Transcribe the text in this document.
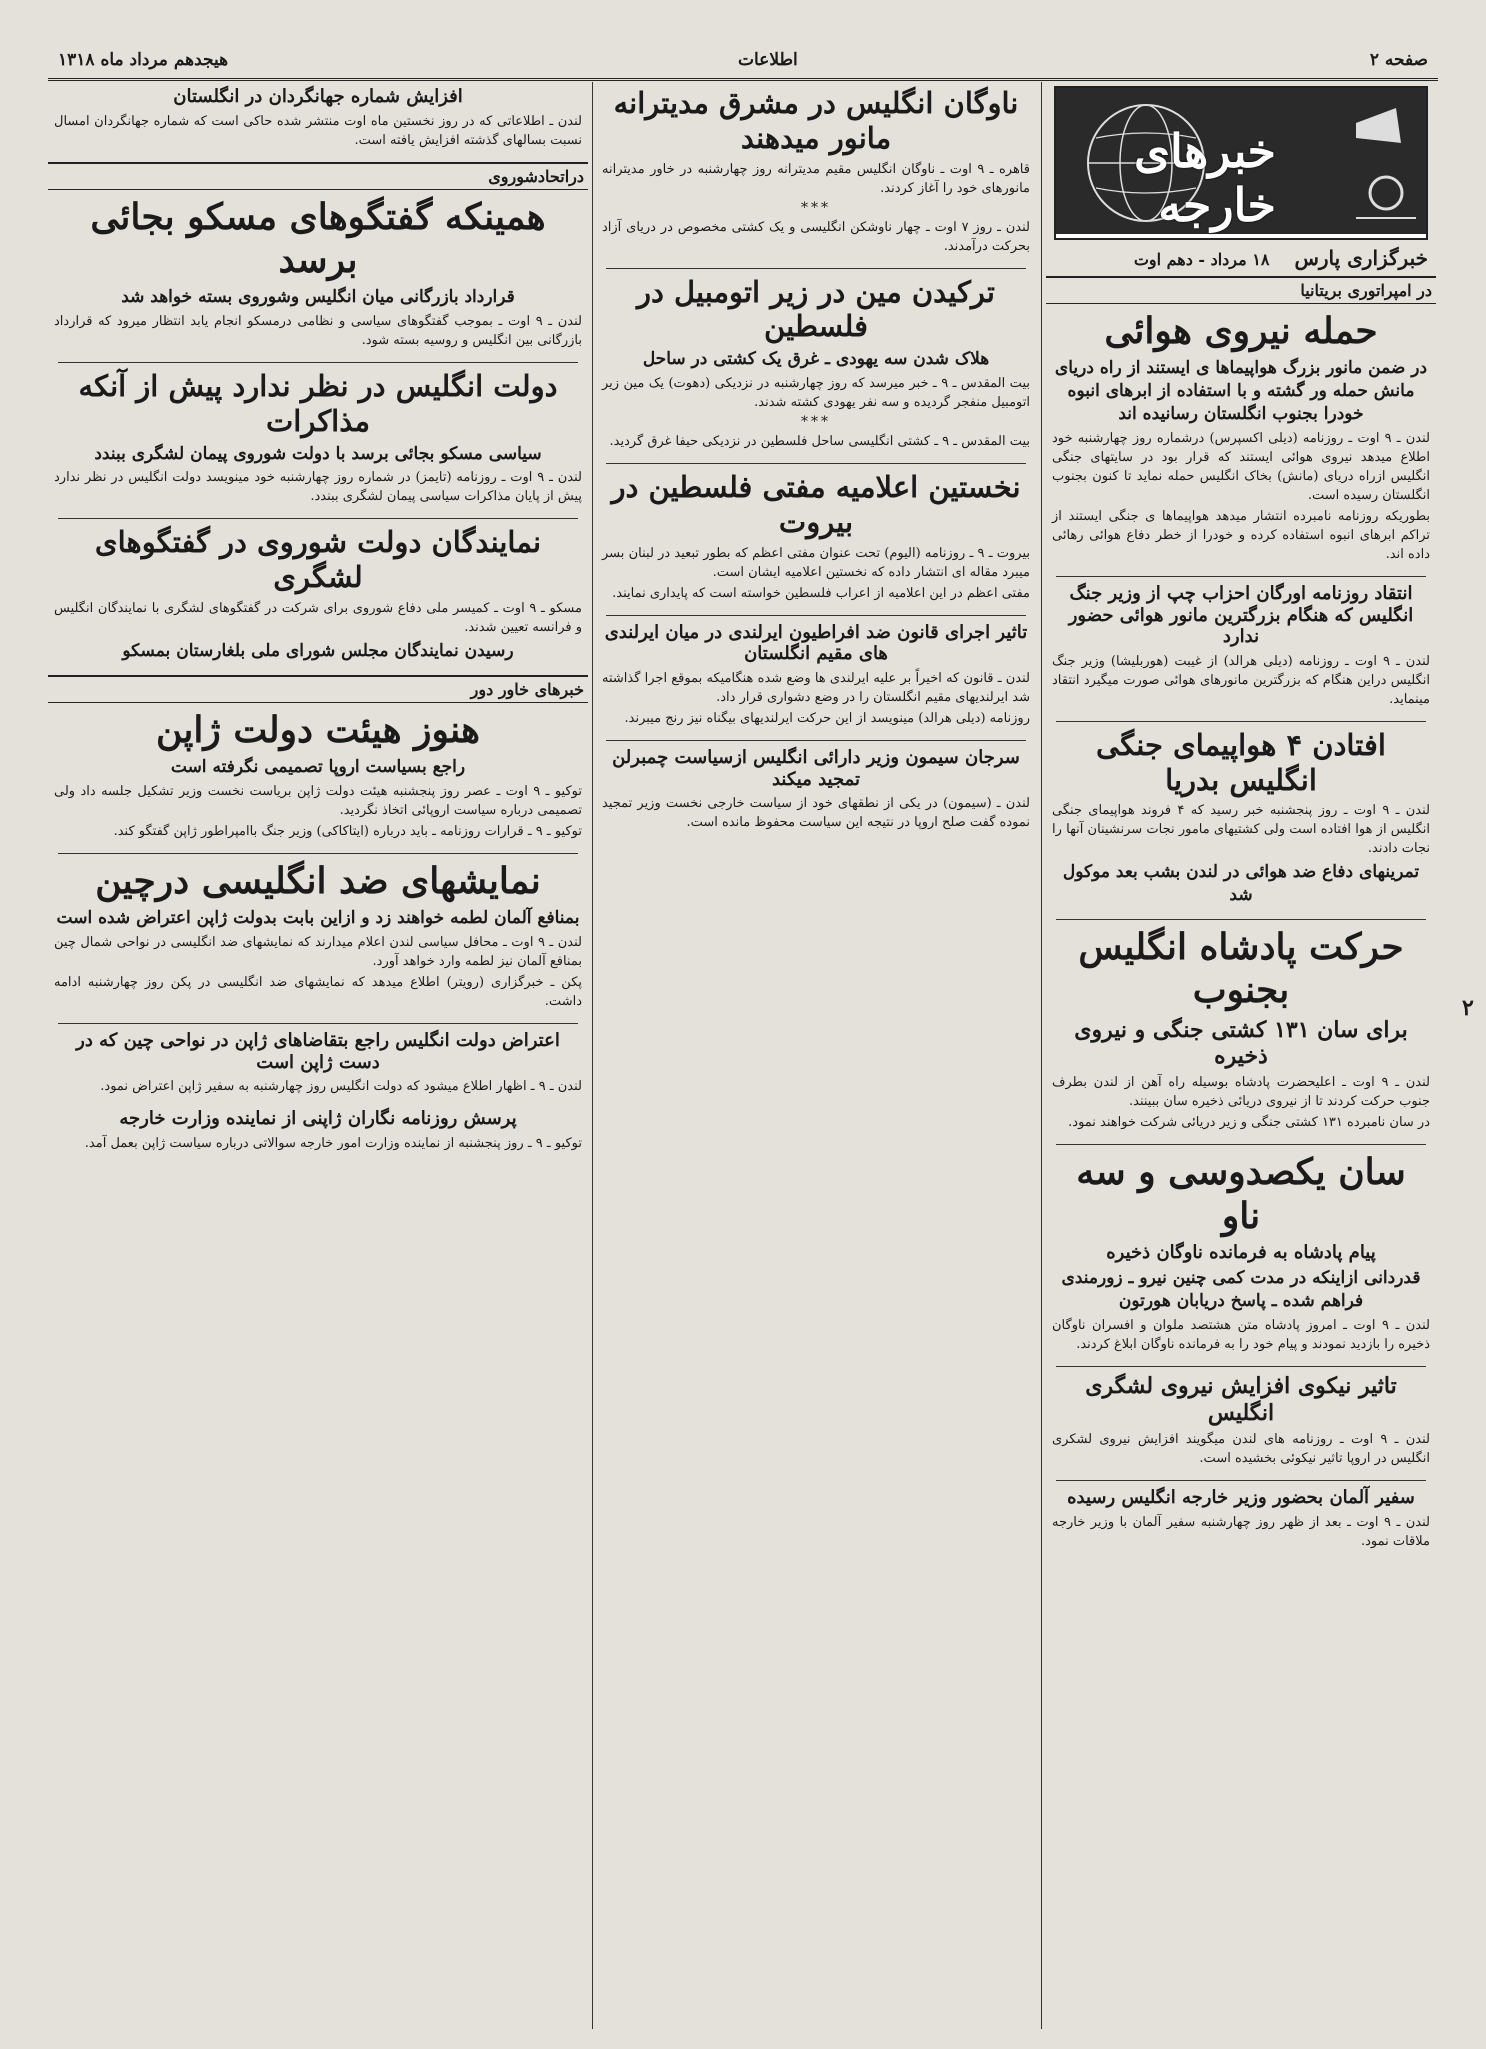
هیجدهم مرداد ماه ۱۳۱۸	اطلاعات	صفحه ۲
خبرهای خارجه
خبرگزاری پارس ۱۸ مرداد - دهم اوت
در امپراتوری بریتانیا
حمله نیروی هوائی
در ضمن مانور بزرگ هواپیماها ی ایستند از راه دریای مانش حمله ور گشته و با استفاده از ابرهای انبوه خودرا بجنوب انگلستان رسانیده اند

لندن ـ ۹ اوت ـ روزنامه (دیلی اکسپرس) درشماره روز چهارشنبه خود اطلاع میدهد نیروی هوائی ایستند که قرار بود در سایتهای جنگی انگلیس ازراه دریای (مانش) بخاک انگلیس حمله نماید تا کنون بجنوب انگلستان رسیده است.

بطوریکه روزنامه نامبرده انتشار میدهد هواپیماها ی جنگی ایستند از تراکم ابرهای انبوه استفاده کرده و خودرا از خطر دفاع هوائی رهائی داده اند.

انتقاد روزنامه اورگان احزاب چپ از وزیر جنگ انگلیس که هنگام بزرگترین مانور هوائی حضور ندارد

لندن ـ ۹ اوت ـ روزنامه (دیلی هرالد) از غیبت (هوربلیشا) وزیر جنگ انگلیس دراین هنگام که بزرگترین مانورهای هوائی صورت میگیرد انتقاد مینماید.

افتادن ۴ هواپیمای جنگی انگلیس بدریا

لندن ـ ۹ اوت ـ روز پنجشنبه خبر رسید که ۴ فروند هواپیمای جنگی انگلیس از هوا افتاده است ولی کشتیهای مامور نجات سرنشینان آنها را نجات دادند.

تمرینهای دفاع ضد هوائی در لندن بشب بعد موکول شد
حرکت پادشاه انگلیس بجنوب
برای سان ۱۳۱ کشتی جنگی و نیروی ذخیره

لندن ـ ۹ اوت ـ اعلیحضرت پادشاه بوسیله راه آهن از لندن بطرف جنوب حرکت کردند تا از نیروی دریائی ذخیره سان ببینند.

در سان نامبرده ۱۳۱ کشتی جنگی و زیر دریائی شرکت خواهند نمود.

سان یکصدوسی و سه ناو
پیام پادشاه به فرمانده ناوگان ذخیره
قدردانی ازاینکه در مدت کمی چنین نیرو ـ زورمندی فراهم شده ـ پاسخ دریابان هورتون

لندن ـ ۹ اوت ـ امروز پادشاه متن هشتصد ملوان و افسران ناوگان ذخیره را بازدید نمودند و پیام خود را به فرمانده ناوگان ابلاغ کردند.

تاثیر نیکوی افزایش نیروی لشگری انگلیس

لندن ـ ۹ اوت ـ روزنامه های لندن میگویند افزایش نیروی لشکری انگلیس در اروپا تاثیر نیکوئی بخشیده است.

سفیر آلمان بحضور وزیر خارجه انگلیس رسیده

لندن ـ ۹ اوت ـ بعد از ظهر روز چهارشنبه سفیر آلمان با وزیر خارجه ملاقات نمود.

ناوگان انگلیس در مشرق مدیترانه مانور میدهند

قاهره ـ ۹ اوت ـ ناوگان انگلیس مقیم مدیترانه روز چهارشنبه در خاور مدیترانه مانورهای خود را آغاز کردند.

***

لندن ـ روز ۷ اوت ـ چهار ناوشکن انگلیسی و یک کشتی مخصوص در دریای آزاد بحرکت درآمدند.

ترکیدن مین در زیر اتومبیل در فلسطین
هلاک شدن سه یهودی ـ غرق یک کشتی در ساحل

بیت المقدس ـ ۹ ـ خبر میرسد که روز چهارشنبه در نزدیکی (دهوت) یک مین زیر اتومبیل منفجر گردیده و سه نفر یهودی کشته شدند.

***

بیت المقدس ـ ۹ ـ کشتی انگلیسی ساحل فلسطین در نزدیکی حیفا غرق گردید.

نخستین اعلامیه مفتی فلسطین در بیروت

بیروت ـ ۹ ـ روزنامه (الیوم) تحت عنوان مفتی اعظم که بطور تبعید در لبنان بسر میبرد مقاله ای انتشار داده که نخستین اعلامیه ایشان است.

مفتی اعظم در این اعلامیه از اعراب فلسطین خواسته است که پایداری نمایند.

تاثیر اجرای قانون ضد افراطیون ایرلندی در میان ایرلندی های مقیم انگلستان

لندن ـ قانون که اخیراً بر علیه ایرلندی ها وضع شده هنگامیکه بموقع اجرا گذاشته شد ایرلندیهای مقیم انگلستان را در وضع دشواری قرار داد.

روزنامه (دیلی هرالد) مینویسد از این حرکت ایرلندیهای بیگناه نیز رنج میبرند.

سرجان سیمون وزیر دارائی انگلیس ازسیاست چمبرلن تمجید میکند

لندن ـ (سیمون) در یکی از نطقهای خود از سیاست خارجی نخست وزیر تمجید نموده گفت صلح اروپا در نتیجه این سیاست محفوظ مانده است.

افزایش شماره جهانگردان در انگلستان

لندن ـ اطلاعاتی که در روز نخستین ماه اوت منتشر شده حاکی است که شماره جهانگردان امسال نسبت بسالهای گذشته افزایش یافته است.

دراتحادشوروی
همینکه گفتگوهای مسکو بجائی برسد
قرارداد بازرگانی میان انگلیس وشوروی بسته خواهد شد

لندن ـ ۹ اوت ـ بموجب گفتگوهای سیاسی و نظامی درمسکو انجام یابد انتظار میرود که قرارداد بازرگانی بین انگلیس و روسیه بسته شود.

دولت انگلیس در نظر ندارد پیش از آنکه مذاکرات
سیاسی مسکو بجائی برسد با دولت شوروی پیمان لشگری ببندد

لندن ـ ۹ اوت ـ روزنامه (تایمز) در شماره روز چهارشنبه خود مینویسد دولت انگلیس در نظر ندارد پیش از پایان مذاکرات سیاسی پیمان لشگری ببندد.

نمایندگان دولت شوروی در گفتگوهای لشگری

مسکو ـ ۹ اوت ـ کمیسر ملی دفاع شوروی برای شرکت در گفتگوهای لشگری با نمایندگان انگلیس و فرانسه تعیین شدند.

رسیدن نمایندگان مجلس شورای ملی بلغارستان بمسکو
خبرهای خاور دور
هنوز هیئت دولت ژاپن
راجع بسیاست اروپا تصمیمی نگرفته است

توکیو ـ ۹ اوت ـ عصر روز پنجشنبه هیئت دولت ژاپن بریاست نخست وزیر تشکیل جلسه داد ولی تصمیمی درباره سیاست اروپائی اتخاذ نگردید.

توکیو ـ ۹ ـ قرارات روزنامه ـ باید درباره (ایتاکاکی) وزیر جنگ باامپراطور ژاپن گفتگو کند.

نمایشهای ضد انگلیسی درچین
بمنافع آلمان لطمه خواهند زد و ازاین بابت بدولت ژاپن اعتراض شده است

لندن ـ ۹ اوت ـ محافل سیاسی لندن اعلام میدارند که نمایشهای ضد انگلیسی در نواحی شمال چین بمنافع آلمان نیز لطمه وارد خواهد آورد.

پکن ـ خبرگزاری (رویتر) اطلاع میدهد که نمایشهای ضد انگلیسی در پکن روز چهارشنبه ادامه داشت.

اعتراض دولت انگلیس راجع بتقاضاهای ژاپن در نواحی چین که در دست ژاپن است

لندن ـ ۹ ـ اظهار اطلاع میشود که دولت انگلیس روز چهارشنبه به سفیر ژاپن اعتراض نمود.

پرسش روزنامه نگاران ژاپنی از نماینده وزارت خارجه

توکیو ـ ۹ ـ روز پنجشنبه از نماینده وزارت امور خارجه سوالاتی درباره سیاست ژاپن بعمل آمد.

۲
